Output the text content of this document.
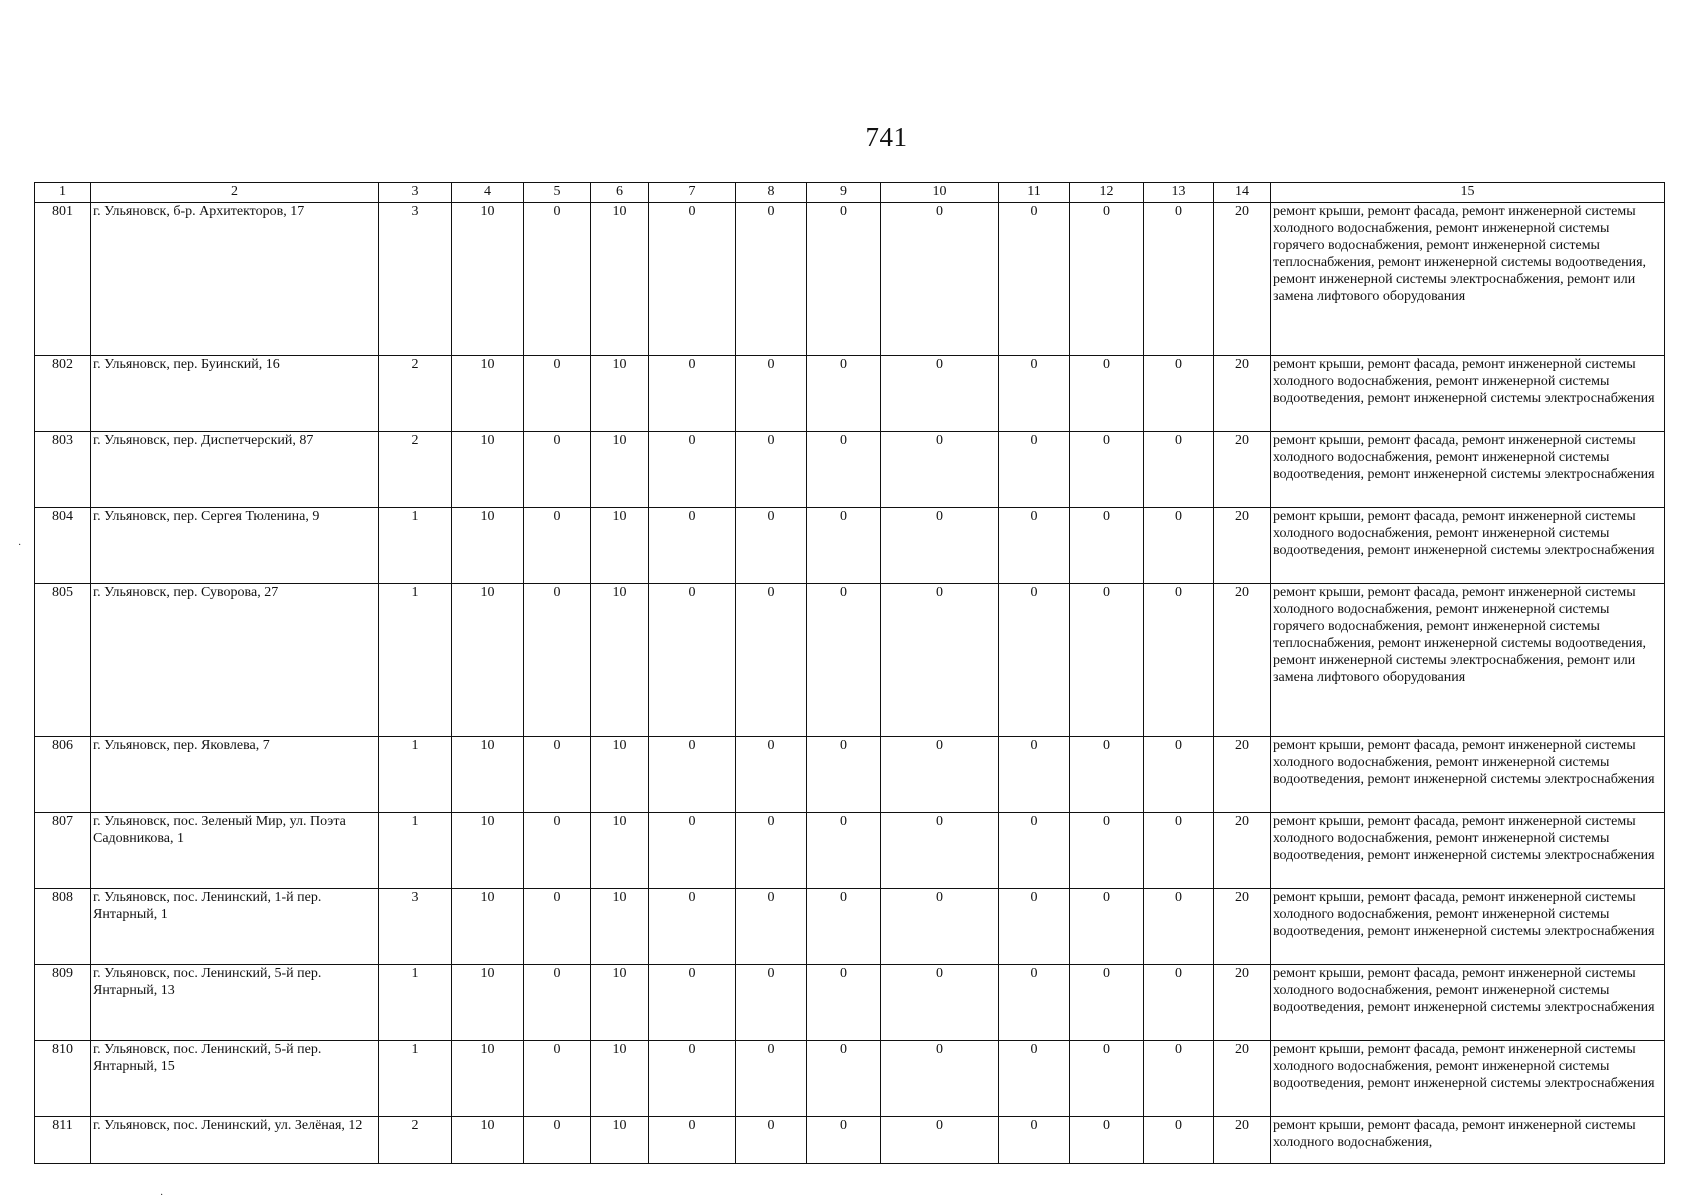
741
1	2	3	4	5	6	7	8	9	10	11	12	13	14	15
801	г. Ульяновск, б-р. Архитекторов, 17	3	10	0	10	0	0	0	0	0	0	0	20	ремонт крыши, ремонт фасада, ремонт инженерной системы холодного водоснабжения, ремонт инженерной системы горячего водоснабжения, ремонт инженерной системы теплоснабжения, ремонт инженерной системы водоотведения, ремонт инженерной системы электроснабжения, ремонт или замена лифтового оборудования
802	г. Ульяновск, пер. Буинский, 16	2	10	0	10	0	0	0	0	0	0	0	20	ремонт крыши, ремонт фасада, ремонт инженерной системы холодного водоснабжения, ремонт инженерной системы водоотведения, ремонт инженерной системы электроснабжения
803	г. Ульяновск, пер. Диспетчерский, 87	2	10	0	10	0	0	0	0	0	0	0	20	ремонт крыши, ремонт фасада, ремонт инженерной системы холодного водоснабжения, ремонт инженерной системы водоотведения, ремонт инженерной системы электроснабжения
804	г. Ульяновск, пер. Сергея Тюленина, 9	1	10	0	10	0	0	0	0	0	0	0	20	ремонт крыши, ремонт фасада, ремонт инженерной системы холодного водоснабжения, ремонт инженерной системы водоотведения, ремонт инженерной системы электроснабжения
805	г. Ульяновск, пер. Суворова, 27	1	10	0	10	0	0	0	0	0	0	0	20	ремонт крыши, ремонт фасада, ремонт инженерной системы холодного водоснабжения, ремонт инженерной системы горячего водоснабжения, ремонт инженерной системы теплоснабжения, ремонт инженерной системы водоотведения, ремонт инженерной системы электроснабжения, ремонт или замена лифтового оборудования
806	г. Ульяновск, пер. Яковлева, 7	1	10	0	10	0	0	0	0	0	0	0	20	ремонт крыши, ремонт фасада, ремонт инженерной системы холодного водоснабжения, ремонт инженерной системы водоотведения, ремонт инженерной системы электроснабжения
807	г. Ульяновск, пос. Зеленый Мир, ул. Поэта Садовникова, 1	1	10	0	10	0	0	0	0	0	0	0	20	ремонт крыши, ремонт фасада, ремонт инженерной системы холодного водоснабжения, ремонт инженерной системы водоотведения, ремонт инженерной системы электроснабжения
808	г. Ульяновск, пос. Ленинский, 1-й пер. Янтарный, 1	3	10	0	10	0	0	0	0	0	0	0	20	ремонт крыши, ремонт фасада, ремонт инженерной системы холодного водоснабжения, ремонт инженерной системы водоотведения, ремонт инженерной системы электроснабжения
809	г. Ульяновск, пос. Ленинский, 5-й пер. Янтарный, 13	1	10	0	10	0	0	0	0	0	0	0	20	ремонт крыши, ремонт фасада, ремонт инженерной системы холодного водоснабжения, ремонт инженерной системы водоотведения, ремонт инженерной системы электроснабжения
810	г. Ульяновск, пос. Ленинский, 5-й пер. Янтарный, 15	1	10	0	10	0	0	0	0	0	0	0	20	ремонт крыши, ремонт фасада, ремонт инженерной системы холодного водоснабжения, ремонт инженерной системы водоотведения, ремонт инженерной системы электроснабжения
811	г. Ульяновск, пос. Ленинский, ул. Зелёная, 12	2	10	0	10	0	0	0	0	0	0	0	20	ремонт крыши, ремонт фасада, ремонт инженерной системы холодного водоснабжения,
·
·
